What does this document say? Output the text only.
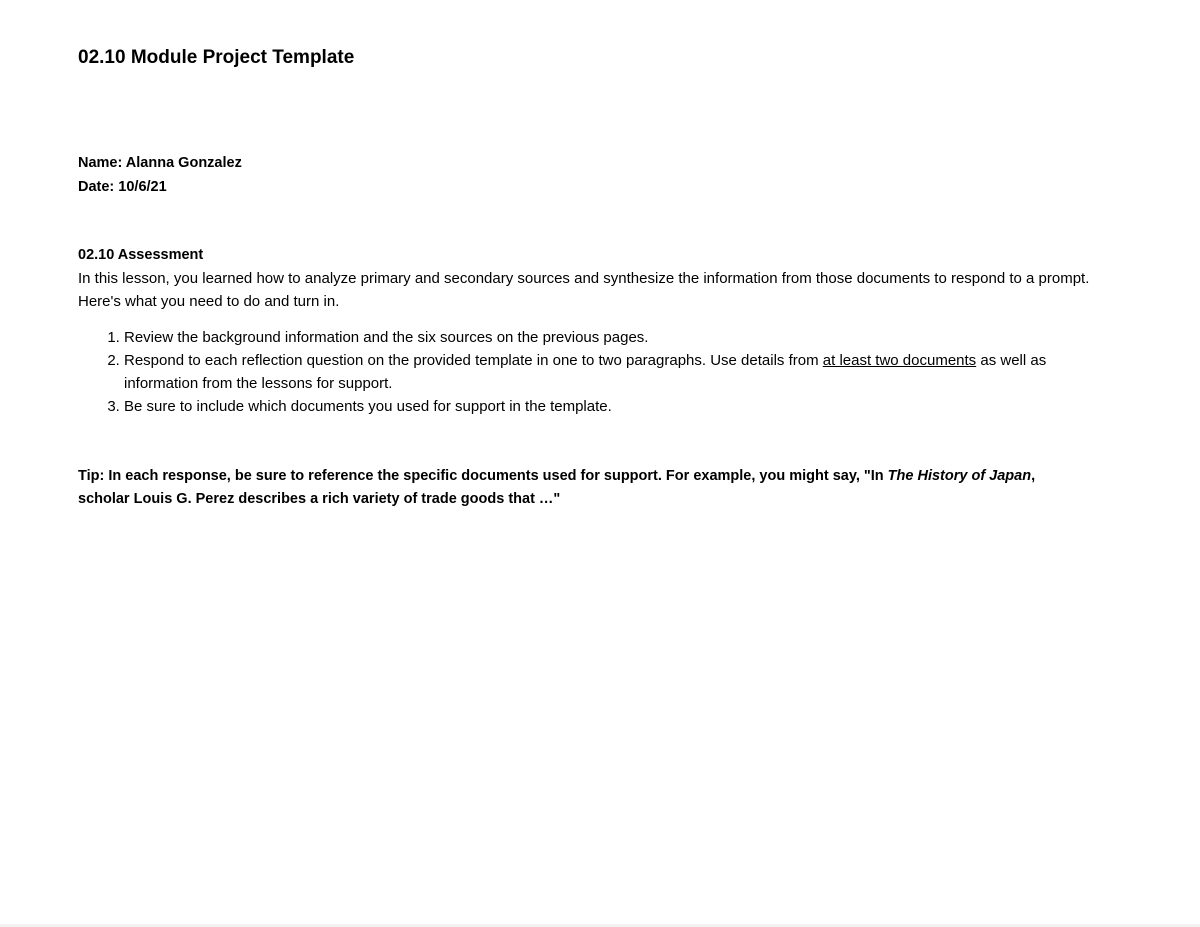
02.10 Module Project Template

Name: Alanna Gonzalez

Date: 10/6/21

02.10 Assessment

In this lesson, you learned how to analyze primary and secondary sources and synthesize the information from those documents to respond to a prompt. Here's what you need to do and turn in.

1. Review the background information and the six sources on the previous pages.
2. Respond to each reflection question on the provided template in one to two paragraphs. Use details from at least two documents as well as information from the lessons for support.
3. Be sure to include which documents you used for support in the template.

Tip: In each response, be sure to reference the specific documents used for support. For example, you might say, "In The History of Japan, scholar Louis G. Perez describes a rich variety of trade goods that …"
